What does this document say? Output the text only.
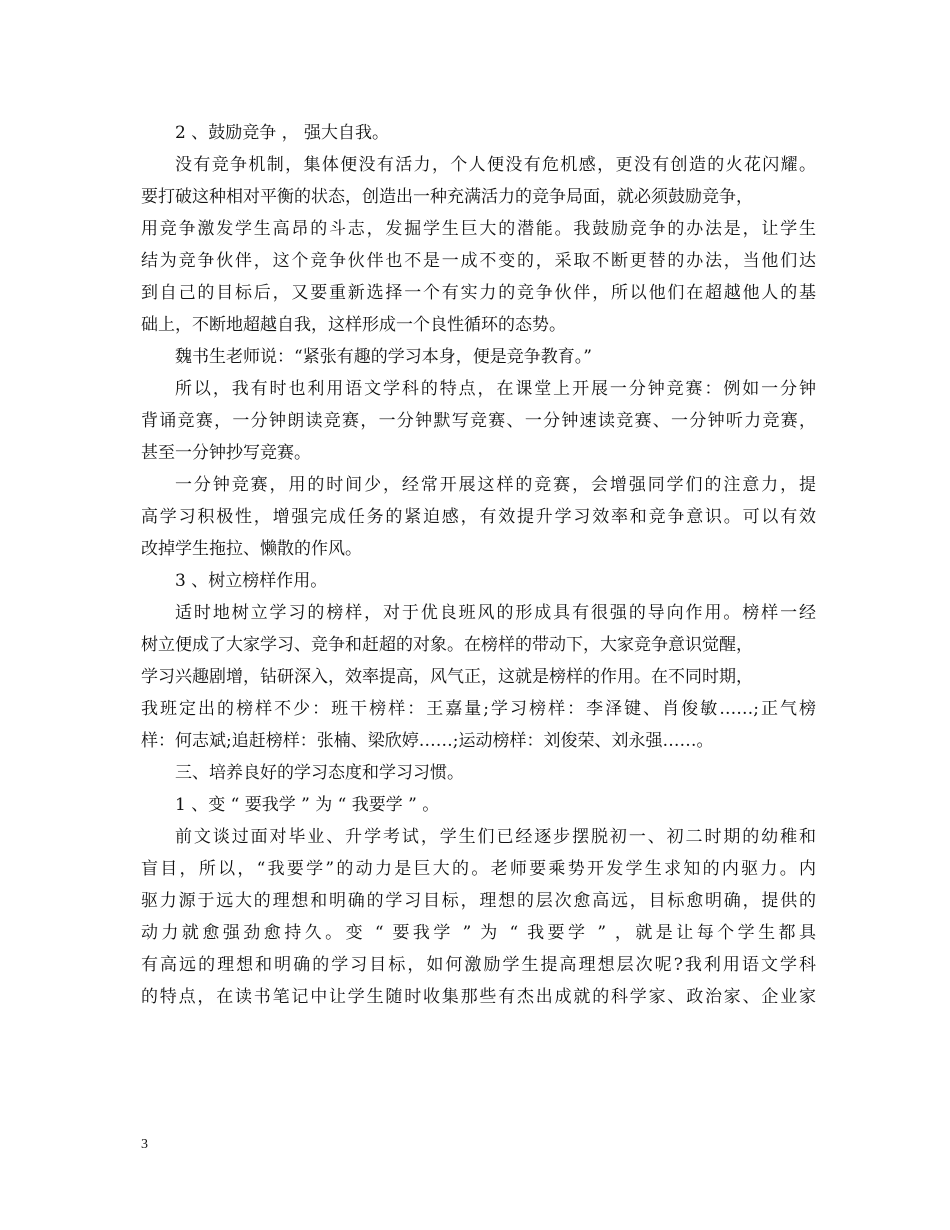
2 、鼓励竞争 ， 强大自我。
没有竞争机制，集体便没有活力，个人便没有危机感，更没有创造的火花闪耀。
要打破这种相对平衡的状态，创造出一种充满活力的竞争局面，就必须鼓励竞争，
用竞争激发学生高昂的斗志，发掘学生巨大的潜能。我鼓励竞争的办法是，让学生
结为竞争伙伴，这个竞争伙伴也不是一成不变的，采取不断更替的办法，当他们达
到自己的目标后，又要重新选择一个有实力的竞争伙伴，所以他们在超越他人的基
础上，不断地超越自我，这样形成一个良性循环的态势。
魏书生老师说：“紧张有趣的学习本身，便是竞争教育。”
所以，我有时也利用语文学科的特点，在课堂上开展一分钟竞赛：例如一分钟
背诵竞赛，一分钟朗读竞赛，一分钟默写竞赛、一分钟速读竞赛、一分钟听力竞赛，
甚至一分钟抄写竞赛。
一分钟竞赛，用的时间少，经常开展这样的竞赛，会增强同学们的注意力，提
高学习积极性，增强完成任务的紧迫感，有效提升学习效率和竞争意识。可以有效
改掉学生拖拉、懒散的作风。
3 、树立榜样作用。
适时地树立学习的榜样，对于优良班风的形成具有很强的导向作用。榜样一经
树立便成了大家学习、竞争和赶超的对象。在榜样的带动下，大家竞争意识觉醒，
学习兴趣剧增，钻研深入，效率提高，风气正，这就是榜样的作用。在不同时期，
我班定出的榜样不少：班干榜样：王嘉量;学习榜样：李泽键、肖俊敏……;正气榜
样：何志斌;追赶榜样：张楠、梁欣婷……;运动榜样：刘俊荣、刘永强……。
三、培养良好的学习态度和学习习惯。
1 、变 “ 要我学 ” 为 “ 我要学 ” 。
前文谈过面对毕业、升学考试，学生们已经逐步摆脱初一、初二时期的幼稚和
盲目，所以，“我要学”的动力是巨大的。老师要乘势开发学生求知的内驱力。内
驱力源于远大的理想和明确的学习目标，理想的层次愈高远，目标愈明确，提供的
动力就愈强劲愈持久。变 “ 要我学 ” 为 “ 我要学 ” ，就是让每个学生都具
有高远的理想和明确的学习目标，如何激励学生提高理想层次呢?我利用语文学科
的特点，在读书笔记中让学生随时收集那些有杰出成就的科学家、政治家、企业家
3
